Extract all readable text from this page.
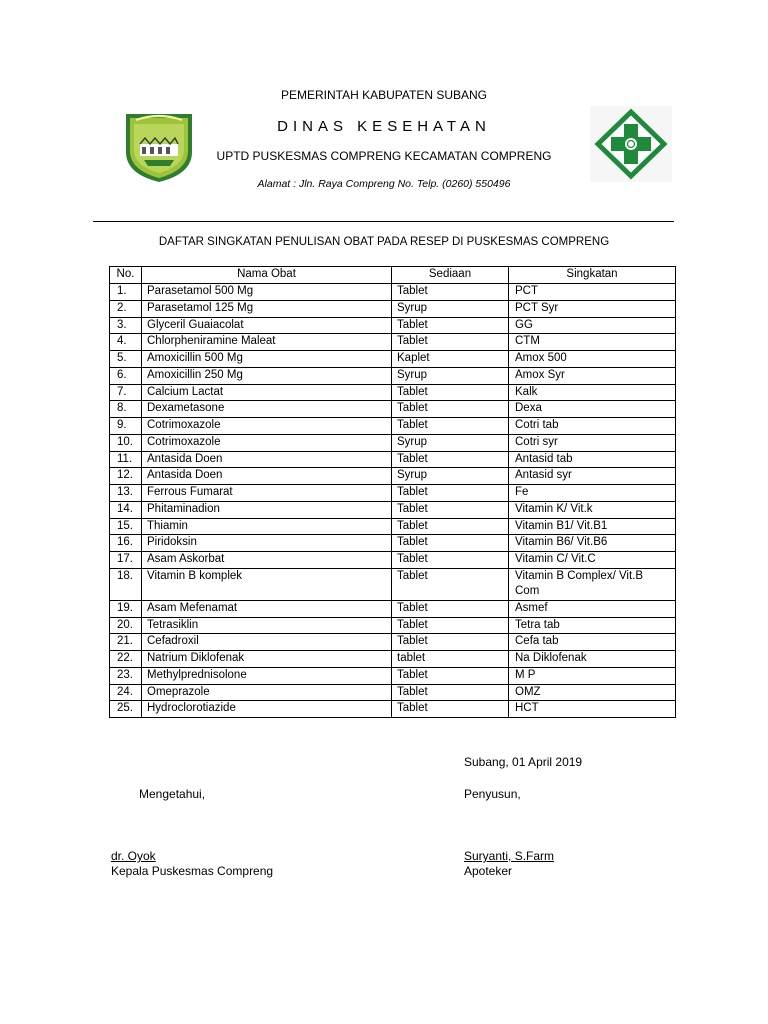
PEMERINTAH KABUPATEN SUBANG
DINAS KESEHATAN
UPTD PUSKESMAS COMPRENG KECAMATAN COMPRENG
Alamat : Jln. Raya Compreng No. Telp. (0260) 550496
DAFTAR SINGKATAN PENULISAN OBAT PADA RESEP DI PUSKESMAS COMPRENG
No.	Nama Obat	Sediaan	Singkatan
1.	Parasetamol 500 Mg	Tablet	PCT
2.	Parasetamol 125 Mg	Syrup	PCT Syr
3.	Glyceril Guaiacolat	Tablet	GG
4.	Chlorpheniramine Maleat	Tablet	CTM
5.	Amoxicillin 500 Mg	Kaplet	Amox 500
6.	Amoxicillin 250 Mg	Syrup	Amox Syr
7.	Calcium Lactat	Tablet	Kalk
8.	Dexametasone	Tablet	Dexa
9.	Cotrimoxazole	Tablet	Cotri tab
10.	Cotrimoxazole	Syrup	Cotri syr
11.	Antasida Doen	Tablet	Antasid tab
12.	Antasida Doen	Syrup	Antasid syr
13.	Ferrous Fumarat	Tablet	Fe
14.	Phitaminadion	Tablet	Vitamin K/ Vit.k
15.	Thiamin	Tablet	Vitamin B1/ Vit.B1
16.	Piridoksin	Tablet	Vitamin B6/ Vit.B6
17.	Asam Askorbat	Tablet	Vitamin C/ Vit.C
18.	Vitamin B komplek	Tablet	Vitamin B Complex/ Vit.B Com
19.	Asam Mefenamat	Tablet	Asmef
20.	Tetrasiklin	Tablet	Tetra tab
21.	Cefadroxil	Tablet	Cefa tab
22.	Natrium Diklofenak	tablet	Na Diklofenak
23.	Methylprednisolone	Tablet	M P
24.	Omeprazole	Tablet	OMZ
25.	Hydroclorotiazide	Tablet	HCT
Subang, 01 April 2019
Mengetahui,	Penyusun,
dr. Oyok
Kepala Puskesmas Compreng
Suryanti, S.Farm
Apoteker
